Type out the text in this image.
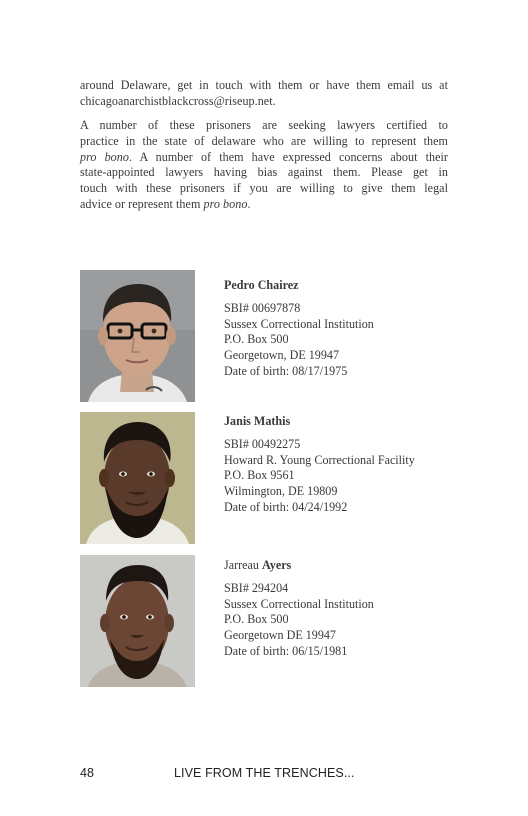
around Delaware, get in touch with them or have them email us at
chicagoanarchistblackcross@riseup.net.

A number of these prisoners are seeking lawyers certified to
practice in the state of delaware who are willing to represent them
pro bono. A number of them have expressed concerns about their
state-appointed lawyers having bias against them. Please get in
touch with these prisoners if you are willing to give them legal
advice or represent them pro bono.

Pedro Chairez

SBI# 00697878
Sussex Correctional Institution
P.O. Box 500
Georgetown, DE 19947
Date of birth: 08/17/1975

Janis Mathis

SBI# 00492275
Howard R. Young Correctional Facility
P.O. Box 9561
Wilmington, DE 19809
Date of birth: 04/24/1992

Jarreau Ayers

SBI# 294204
Sussex Correctional Institution
P.O. Box 500
Georgetown DE 19947
Date of birth: 06/15/1981
48	LIVE FROM THE TRENCHES...
